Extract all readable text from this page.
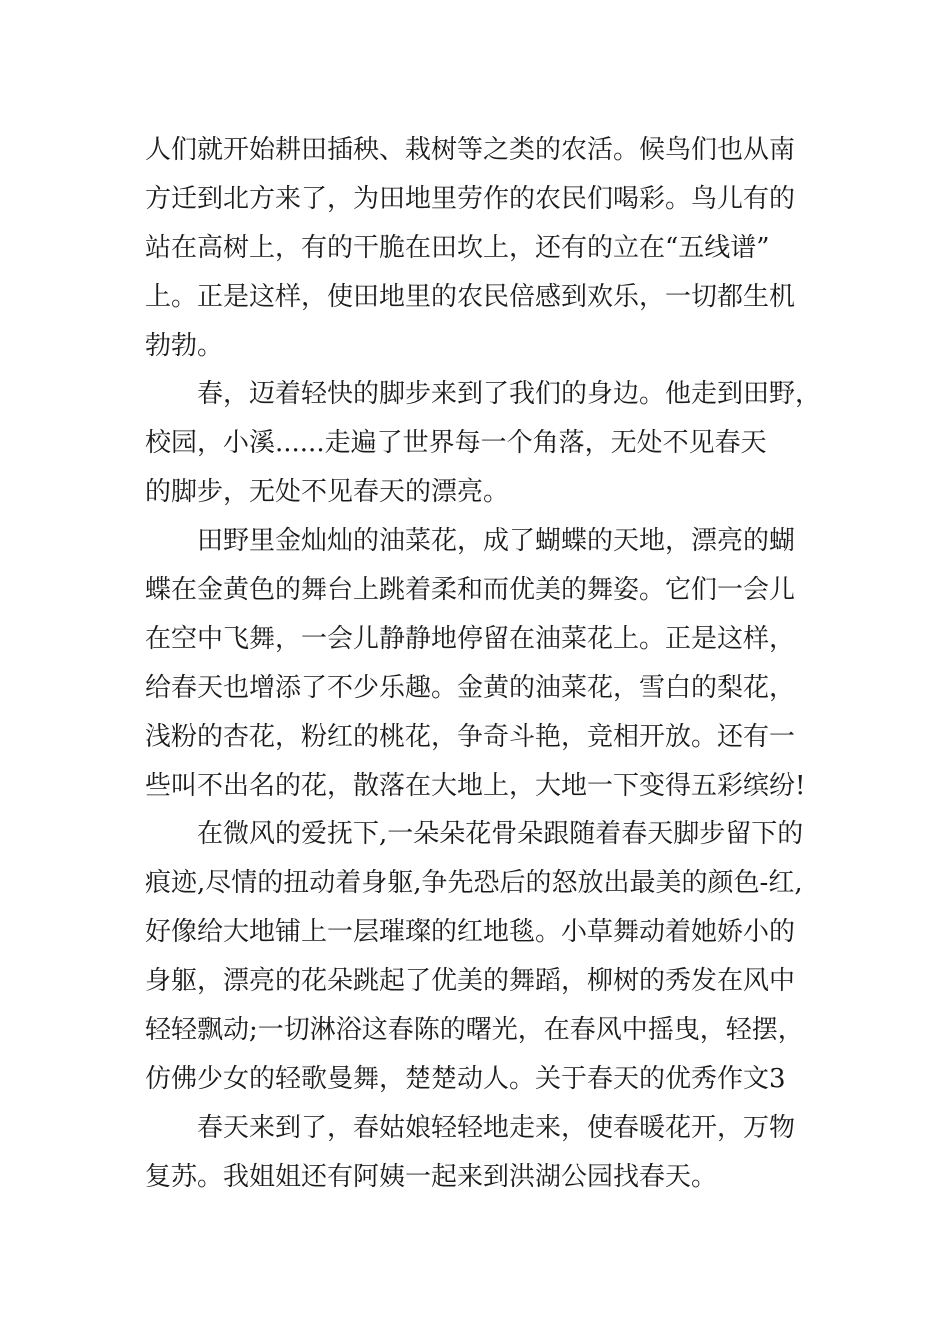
人们就开始耕田插秧、栽树等之类的农活。候鸟们也从南
方迁到北方来了，为田地里劳作的农民们喝彩。鸟儿有的
站在高树上，有的干脆在田坎上，还有的立在“五线谱”
上。正是这样，使田地里的农民倍感到欢乐，一切都生机
勃勃。
春，迈着轻快的脚步来到了我们的身边。他走到田野，
校园，小溪......走遍了世界每一个角落，无处不见春天
的脚步，无处不见春天的漂亮。
田野里金灿灿的油菜花，成了蝴蝶的天地，漂亮的蝴
蝶在金黄色的舞台上跳着柔和而优美的舞姿。它们一会儿
在空中飞舞，一会儿静静地停留在油菜花上。正是这样，
给春天也增添了不少乐趣。金黄的油菜花，雪白的梨花，
浅粉的杏花，粉红的桃花，争奇斗艳，竞相开放。还有一
些叫不出名的花，散落在大地上，大地一下变得五彩缤纷!
在微风的爱抚下,一朵朵花骨朵跟随着春天脚步留下的
痕迹,尽情的扭动着身躯,争先恐后的怒放出最美的颜色-红,
好像给大地铺上一层璀璨的红地毯。小草舞动着她娇小的
身躯，漂亮的花朵跳起了优美的舞蹈，柳树的秀发在风中
轻轻飘动;一切淋浴这春陈的曙光，在春风中摇曳，轻摆，
仿佛少女的轻歌曼舞，楚楚动人。关于春天的优秀作文3
春天来到了，春姑娘轻轻地走来，使春暖花开，万物
复苏。我姐姐还有阿姨一起来到洪湖公园找春天。
